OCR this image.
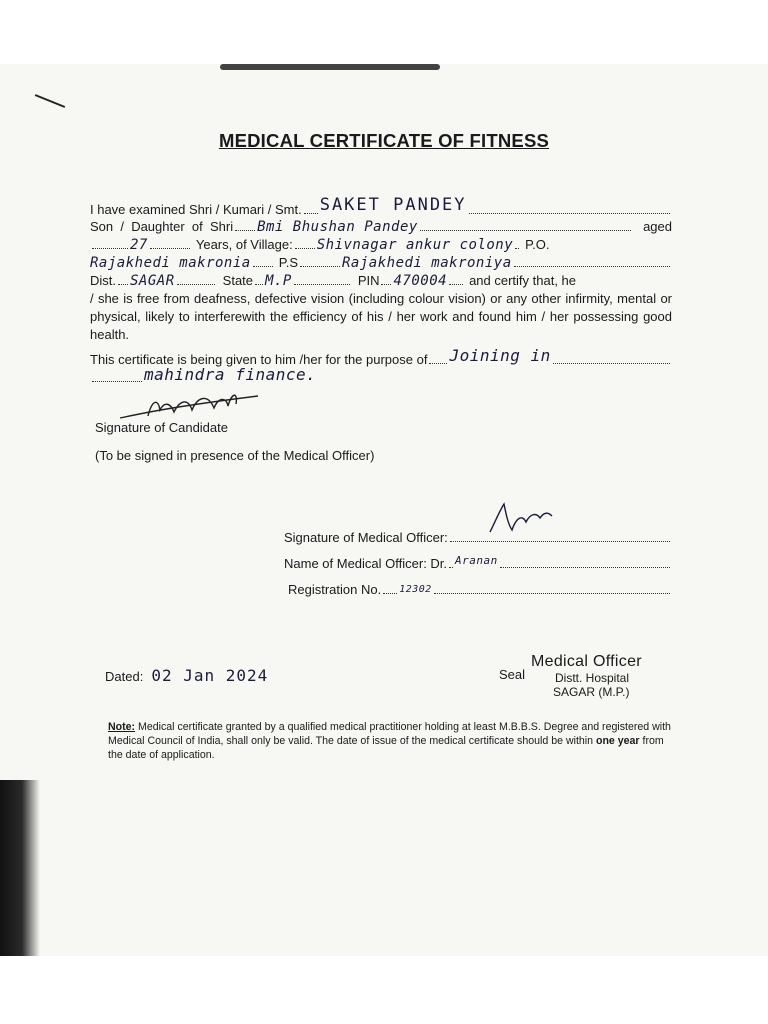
MEDICAL CERTIFICATE OF FITNESS
I have examined Shri / Kumari / Smt. SAKET PANDEY
Son  /  Daughter  of  Shri Bmi Bhushan Pandey	aged
27	Years, of Village: Shivnagar ankur colony P.O.
Rajakhedi makronia P.S	Rajakhedi makroniya
Dist. SAGAR	State M.P	PIN 470004 and certify that, he
/ she is free from deafness, defective vision (including colour vision) or any other infirmity, mental or physical, likely to interferewith the efficiency of his / her work and found him / her possessing good health.
This certificate is being given to him /her for the purpose of Joining in
mahindra finance.
Signature of Candidate
(To be signed in presence of the Medical Officer)
Signature of Medical Officer:
Name of Medical Officer: Dr. Aranan
Registration No. 12302
Dated: 02 Jan 2024	Seal
Medical Officer
Distt. Hospital
SAGAR (M.P.)
Note: Medical certificate granted by a qualified medical practitioner holding at least M.B.B.S. Degree and registered with Medical Council of India, shall only be valid. The date of issue of the medical certificate should be within one year from the date of application.
